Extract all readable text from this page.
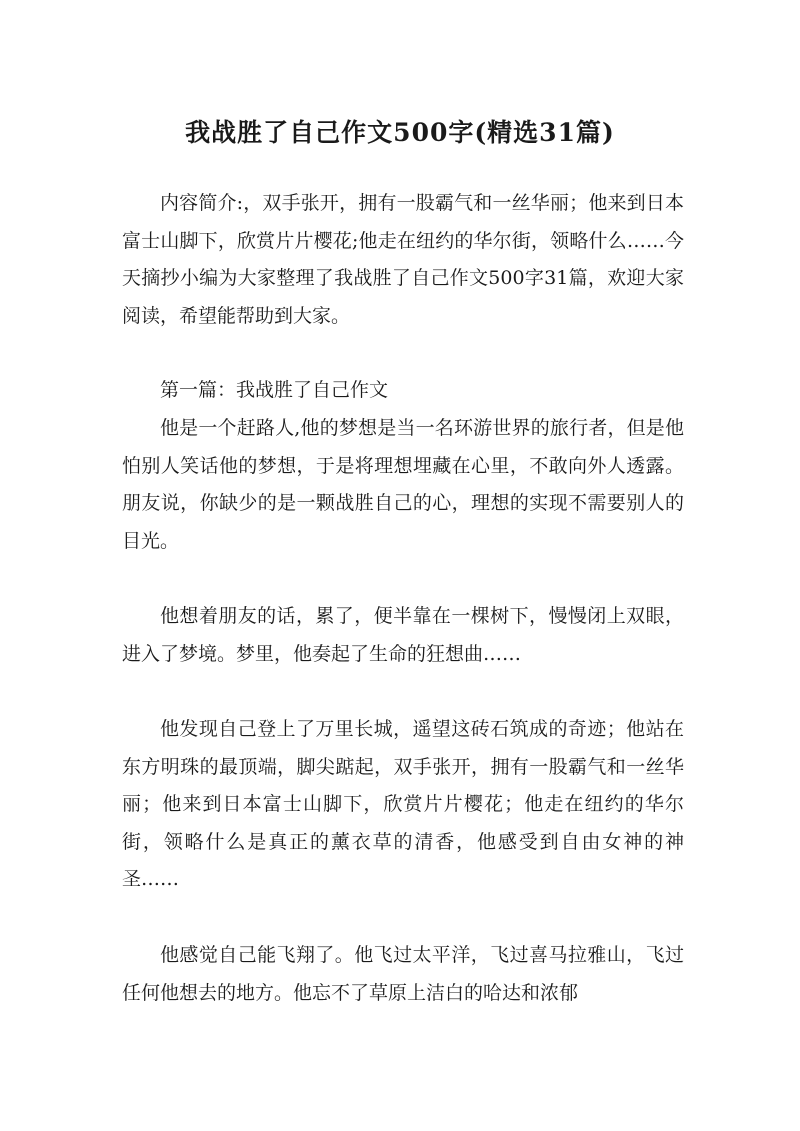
我战胜了自己作文500字(精选31篇)

内容简介:，双手张开，拥有一股霸气和一丝华丽；他来到日本富士山脚下，欣赏片片樱花;他走在纽约的华尔街，领略什么……今天摘抄小编为大家整理了我战胜了自己作文500字31篇，欢迎大家阅读，希望能帮助到大家。

第一篇：我战胜了自己作文

他是一个赶路人,他的梦想是当一名环游世界的旅行者，但是他怕别人笑话他的梦想，于是将理想埋藏在心里，不敢向外人透露。朋友说，你缺少的是一颗战胜自己的心，理想的实现不需要别人的目光。

他想着朋友的话，累了，便半靠在一棵树下，慢慢闭上双眼，进入了梦境。梦里，他奏起了生命的狂想曲……

他发现自己登上了万里长城，遥望这砖石筑成的奇迹；他站在东方明珠的最顶端，脚尖踮起，双手张开，拥有一股霸气和一丝华丽；他来到日本富士山脚下，欣赏片片樱花；他走在纽约的华尔街，领略什么是真正的薰衣草的清香，他感受到自由女神的神圣……

他感觉自己能飞翔了。他飞过太平洋，飞过喜马拉雅山，飞过任何他想去的地方。他忘不了草原上洁白的哈达和浓郁
